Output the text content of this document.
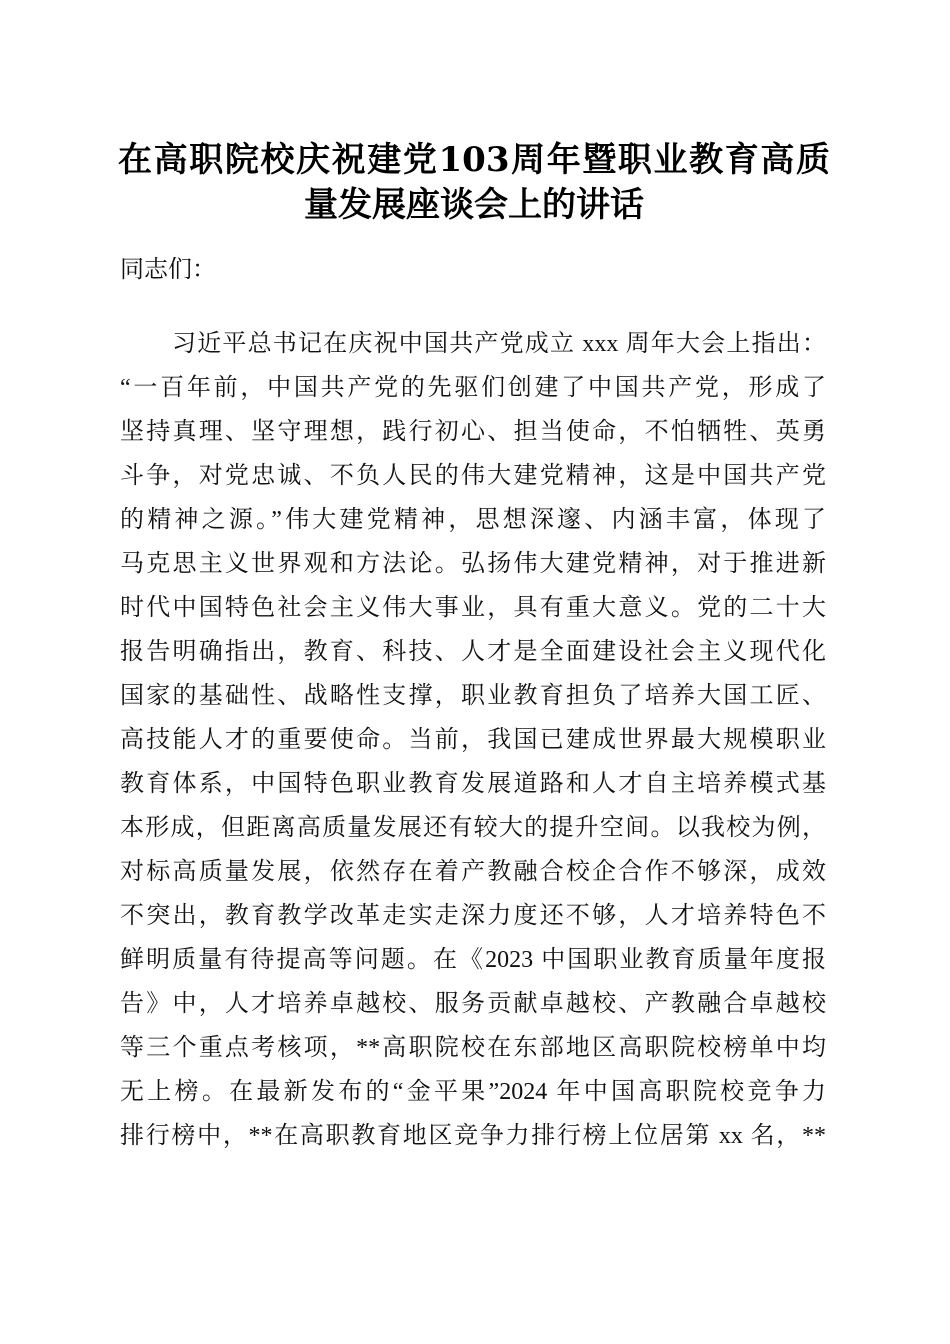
在高职院校庆祝建党103周年暨职业教育高质
量发展座谈会上的讲话
同志们：
习近平总书记在庆祝中国共产党成立 xxx 周年大会上指出：
“一百年前，中国共产党的先驱们创建了中国共产党，形成了
坚持真理、坚守理想，践行初心、担当使命，不怕牺牲、英勇
斗争，对党忠诚、不负人民的伟大建党精神，这是中国共产党
的精神之源。”伟大建党精神，思想深邃、内涵丰富，体现了
马克思主义世界观和方法论。弘扬伟大建党精神，对于推进新
时代中国特色社会主义伟大事业，具有重大意义。党的二十大
报告明确指出，教育、科技、人才是全面建设社会主义现代化
国家的基础性、战略性支撑，职业教育担负了培养大国工匠、
高技能人才的重要使命。当前，我国已建成世界最大规模职业
教育体系，中国特色职业教育发展道路和人才自主培养模式基
本形成，但距离高质量发展还有较大的提升空间。以我校为例，
对标高质量发展，依然存在着产教融合校企合作不够深，成效
不突出，教育教学改革走实走深力度还不够，人才培养特色不
鲜明质量有待提高等问题。在《2023 中国职业教育质量年度报
告》中，人才培养卓越校、服务贡献卓越校、产教融合卓越校
等三个重点考核项，**高职院校在东部地区高职院校榜单中均
无上榜。在最新发布的“金平果”2024 年中国高职院校竞争力
排行榜中，**在高职教育地区竞争力排行榜上位居第 xx 名，**
